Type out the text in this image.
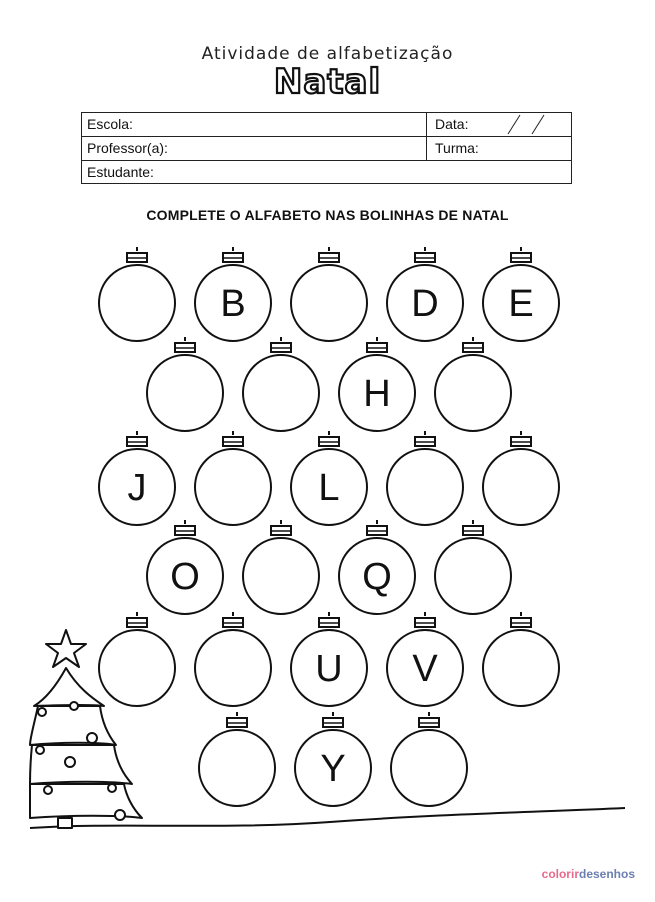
Atividade de alfabetização
Natal
Escola:	Data:
Professor(a):	Turma:
Estudante:
COMPLETE O ALFABETO NAS BOLINHAS DE NATAL
B	D E
H
J	L
O	Q
U V
Y
colorirdesenhos
